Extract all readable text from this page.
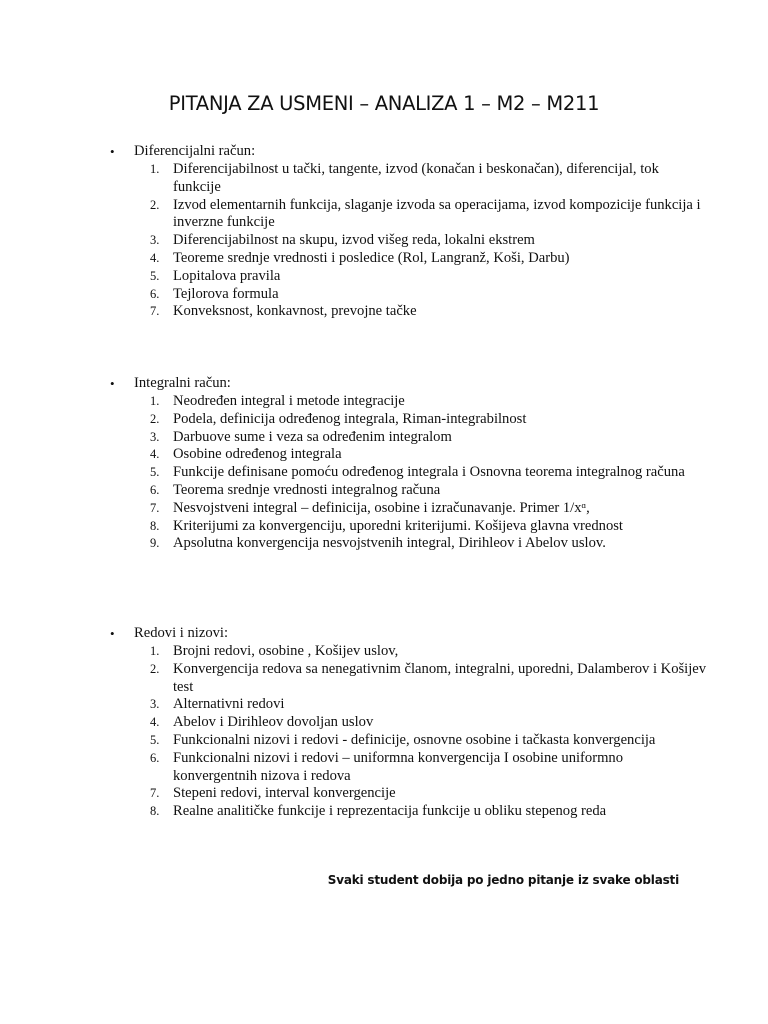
PITANJA ZA USMENI – ANALIZA 1 – M2 – M211
• Diferencijalni račun:
1. Diferencijabilnost u tački, tangente, izvod (konačan i beskonačan), diferencijal, tok funkcije
2. Izvod elementarnih funkcija, slaganje izvoda sa operacijama, izvod kompozicije funkcija i inverzne funkcije
3. Diferencijabilnost na skupu, izvod višeg reda, lokalni ekstrem
4. Teoreme srednje vrednosti i posledice (Rol, Langranž, Koši, Darbu)
5. Lopitalova pravila
6. Tejlorova formula
7. Konveksnost, konkavnost, prevojne tačke
• Integralni račun:
1. Neodređen integral i metode integracije
2. Podela, definicija određenog integrala, Riman-integrabilnost
3. Darbuove sume i veza sa određenim integralom
4. Osobine određenog integrala
5. Funkcije definisane pomoću određenog integrala i Osnovna teorema integralnog računa
6. Teorema srednje vrednosti integralnog računa
7. Nesvojstveni integral – definicija, osobine i izračunavanje. Primer 1/xᵅ,
8. Kriterijumi za konvergenciju, uporedni kriterijumi. Košijeva glavna vrednost
9. Apsolutna konvergencija nesvojstvenih integral, Dirihleov i Abelov uslov.
• Redovi i nizovi:
1. Brojni redovi, osobine , Košijev uslov,
2. Konvergencija redova sa nenegativnim članom, integralni, uporedni, Dalamberov i Košijev test
3. Alternativni redovi
4. Abelov i Dirihleov dovoljan uslov
5. Funkcionalni nizovi i redovi - definicije, osnovne osobine i tačkasta konvergencija
6. Funkcionalni nizovi i redovi – uniformna konvergencija I osobine uniformno konvergentnih nizova i redova
7. Stepeni redovi, interval konvergencije
8. Realne analitičke funkcije i reprezentacija funkcije u obliku stepenog reda
Svaki student dobija po jedno pitanje iz svake oblasti
